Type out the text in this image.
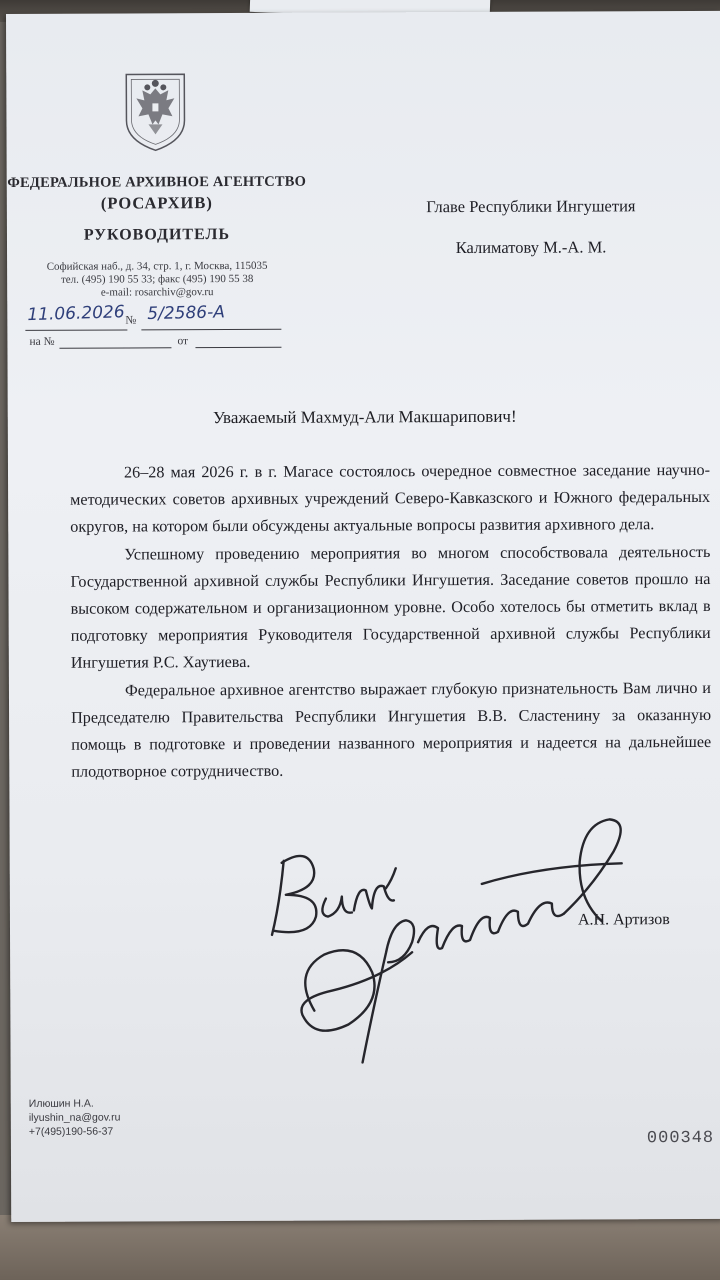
ФЕДЕРАЛЬНОЕ АРХИВНОЕ АГЕНТСТВО
(РОСАРХИВ)
РУКОВОДИТЕЛЬ
Софийская наб., д. 34, стр. 1, г. Москва, 115035
тел. (495) 190 55 33; факс (495) 190 55 38
e-mail: rosarchiv@gov.ru
11.06.2026 № 5/2586-А
на №	от
Главе Республики Ингушетия
Калиматову М.-А. М.
Уважаемый Махмуд-Али Макшарипович!

26–28 мая 2026 г. в г. Магасе состоялось очередное совместное заседание научно-методических советов архивных учреждений Северо-Кавказского и Южного федеральных округов, на котором были обсуждены актуальные вопросы развития архивного дела.

Успешному проведению мероприятия во многом способствовала деятельность Государственной архивной службы Республики Ингушетия. Заседание советов прошло на высоком содержательном и организационном уровне. Особо хотелось бы отметить вклад в подготовку мероприятия Руководителя Государственной архивной службы Республики Ингушетия Р.С. Хаутиева.

Федеральное архивное агентство выражает глубокую признательность Вам лично и Председателю Правительства Республики Ингушетия В.В. Сластенину за оказанную помощь в подготовке и проведении названного мероприятия и надеется на дальнейшее плодотворное сотрудничество.

А.Н. Артизов
Илюшин Н.А.
ilyushin_na@gov.ru
+7(495)190-56-37	000348
